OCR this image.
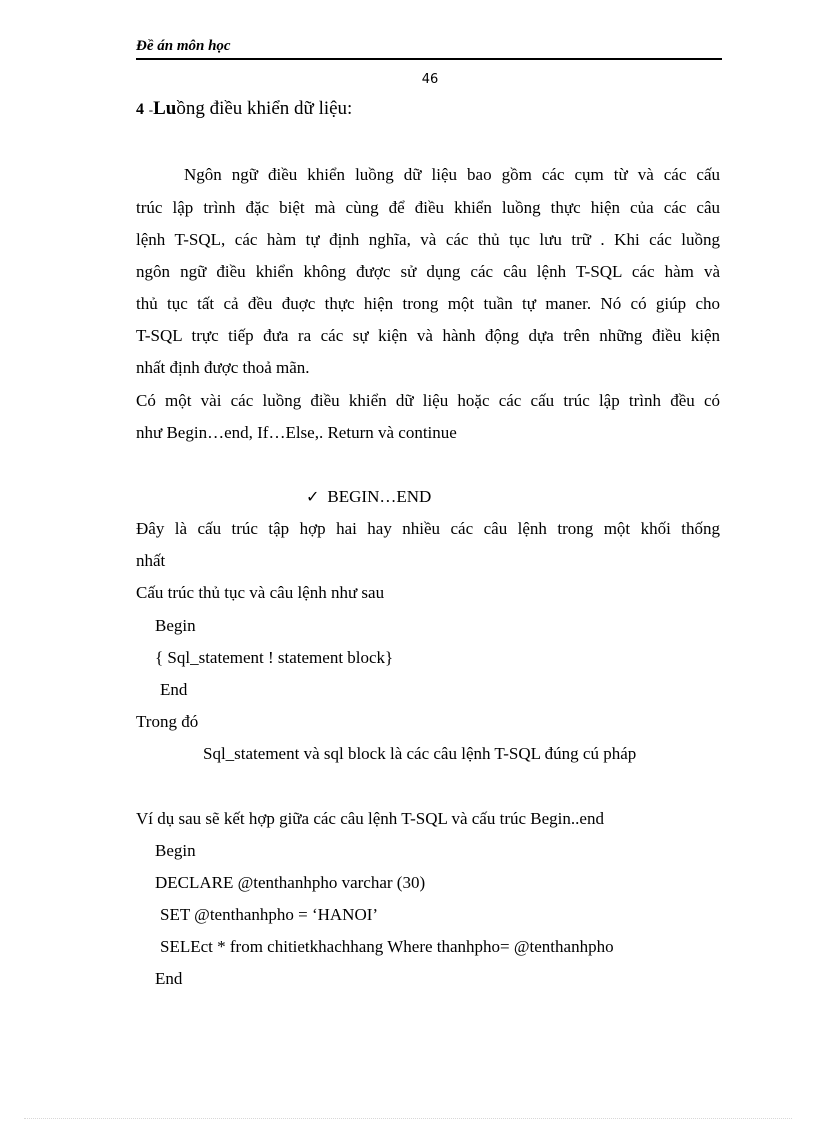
Đề án môn học
46
4 -Luồng điều khiển dữ liệu:
Ngôn ngữ điều khiển luồng dữ liệu bao gồm các cụm từ và các cấu
trúc lập trình đặc biệt mà cùng để điều khiển luồng thực hiện của các câu
lệnh T-SQL, các hàm tự định nghĩa, và các thủ tục lưu trữ . Khi các luồng
ngôn ngữ điều khiển không được sử dụng các câu lệnh T-SQL các hàm và
thủ tục tất cả đều đuợc thực hiện trong một tuần tự maner. Nó có giúp cho
T-SQL trực tiếp đưa ra các sự kiện và hành động dựa trên những điều kiện
nhất định được thoả mãn.
Có một vài các luồng điều khiển dữ liệu hoặc các cấu trúc lập trình đều có
như Begin…end, If…Else,. Return và continue
✓ BEGIN…END
Đây là cấu trúc tập hợp hai hay nhiều các câu lệnh trong một khối thống
nhất
Cấu trúc thủ tục và câu lệnh như sau
Begin
{ Sql_statement ! statement block}
End
Trong đó
Sql_statement và sql block là các câu lệnh T-SQL đúng cú pháp
Ví dụ sau sẽ kết hợp giữa các câu lệnh T-SQL và cấu trúc Begin..end
Begin
DECLARE @tenthanhpho varchar (30)
SET @tenthanhpho = ‘HANOI’
SELEct * from chitietkhachhang Where thanhpho= @tenthanhpho
End
